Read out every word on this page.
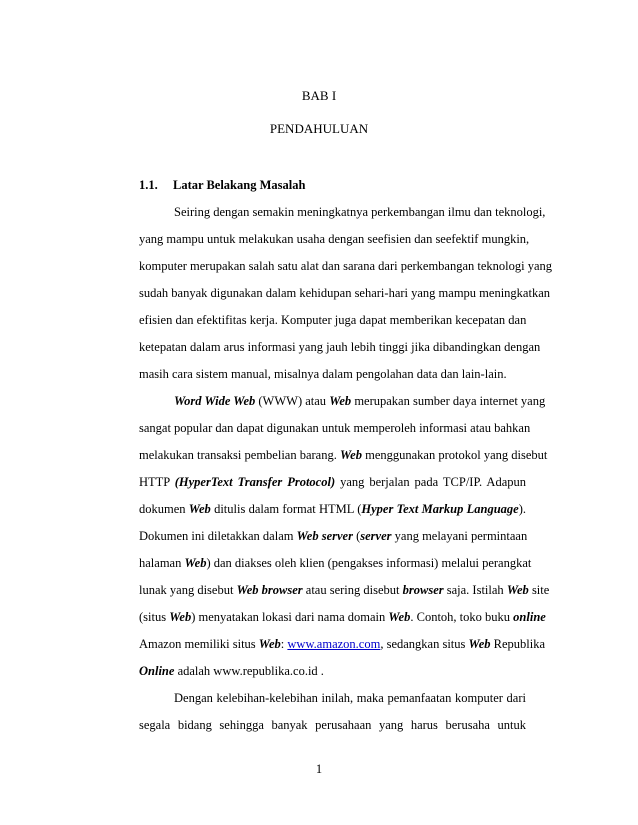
BAB I
PENDAHULUAN
1.1. Latar Belakang Masalah
Seiring dengan semakin meningkatnya perkembangan ilmu dan teknologi,
yang mampu untuk melakukan usaha dengan seefisien dan seefektif mungkin,
komputer merupakan salah satu alat dan sarana dari perkembangan teknologi yang
sudah banyak digunakan dalam kehidupan sehari-hari yang mampu meningkatkan
efisien dan efektifitas kerja. Komputer juga dapat memberikan kecepatan dan
ketepatan dalam arus informasi yang jauh lebih tinggi jika dibandingkan dengan
masih cara sistem manual, misalnya dalam pengolahan data dan lain-lain.
Word Wide Web (WWW) atau Web merupakan sumber daya internet yang
sangat popular dan dapat digunakan untuk memperoleh informasi atau bahkan
melakukan transaksi pembelian barang. Web menggunakan protokol yang disebut
HTTP (HyperText Transfer Protocol) yang berjalan pada TCP/IP. Adapun
dokumen Web ditulis dalam format HTML (Hyper Text Markup Language).
Dokumen ini diletakkan dalam Web server (server yang melayani permintaan
halaman Web) dan diakses oleh klien (pengakses informasi) melalui perangkat
lunak yang disebut Web browser atau sering disebut browser saja. Istilah Web site
(situs Web) menyatakan lokasi dari nama domain Web. Contoh, toko buku online
Amazon memiliki situs Web: www.amazon.com, sedangkan situs Web Republika
Online adalah www.republika.co.id .
Dengan kelebihan-kelebihan inilah, maka pemanfaatan komputer dari
segala bidang sehingga banyak perusahaan yang harus berusaha untuk
1
